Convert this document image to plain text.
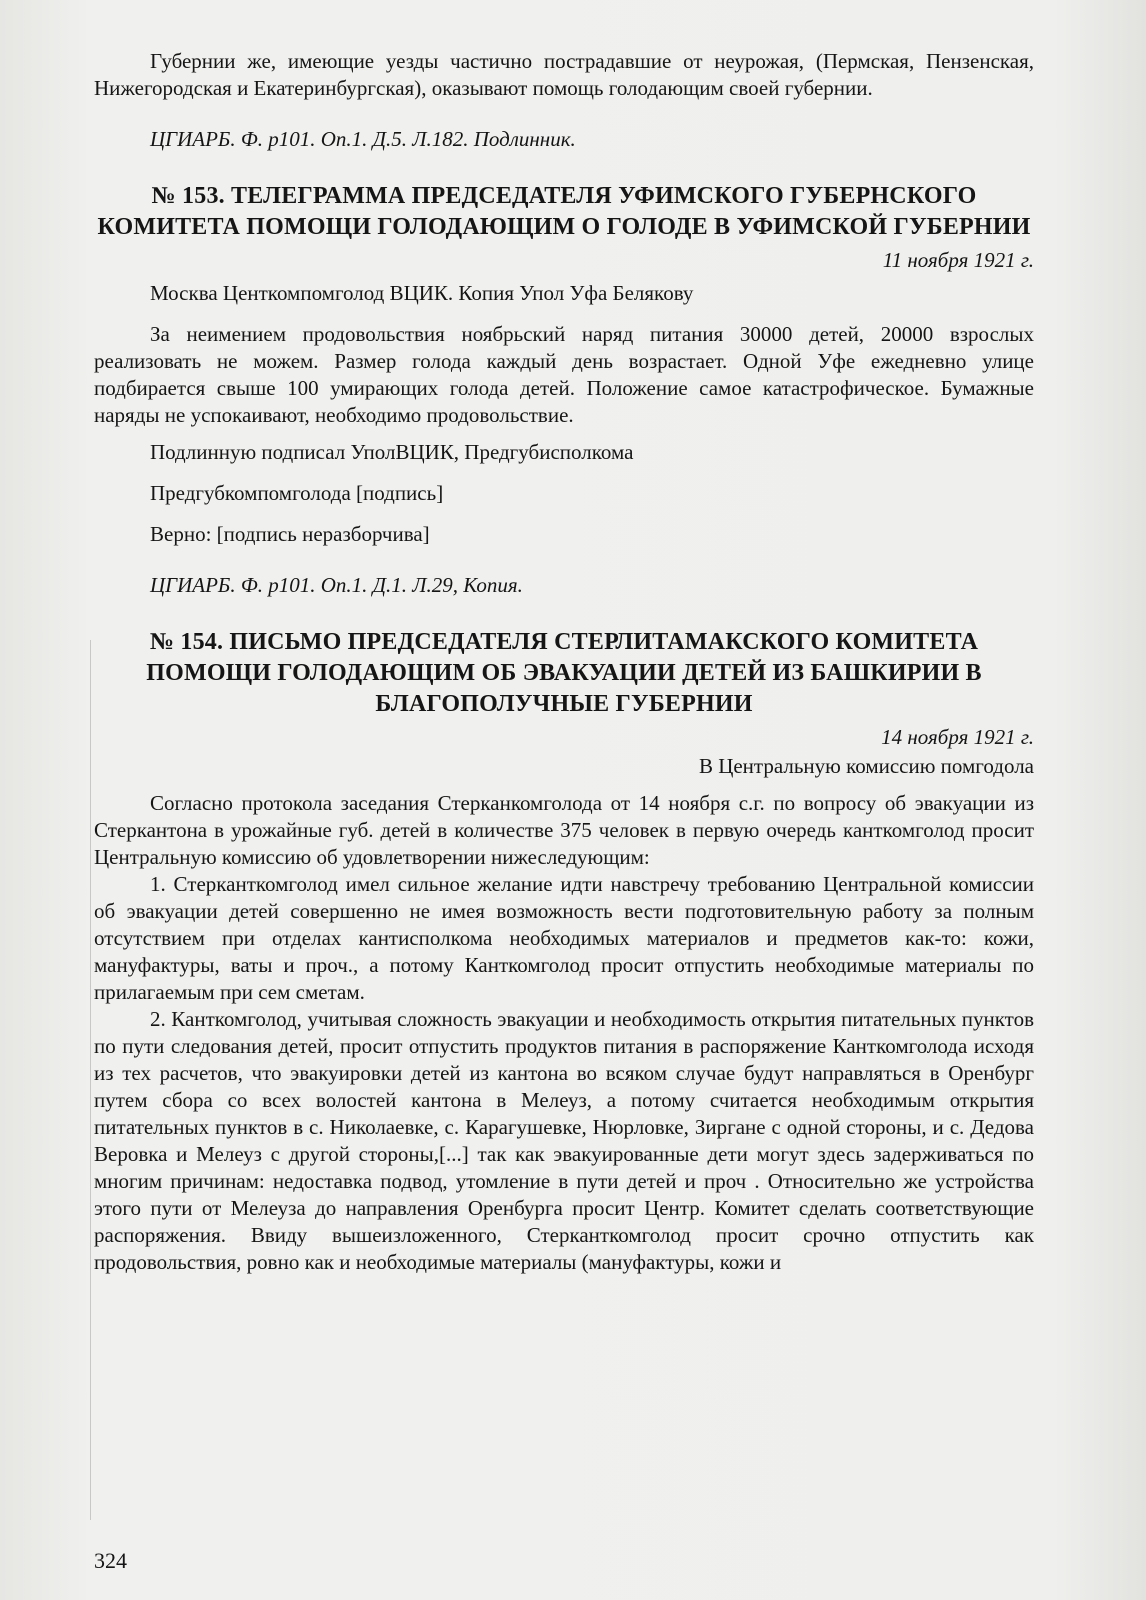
Губернии же, имеющие уезды частично пострадавшие от неурожая, (Пермская, Пензенская, Нижегородская и Екатеринбургская), оказывают помощь голодающим своей губернии.

ЦГИАРБ. Ф. р101. Оп.1. Д.5. Л.182. Подлинник.

№ 153. ТЕЛЕГРАММА ПРЕДСЕДАТЕЛЯ УФИМСКОГО ГУБЕРНСКОГО КОМИТЕТА ПОМОЩИ ГОЛОДАЮЩИМ О ГОЛОДЕ В УФИМСКОЙ ГУБЕРНИИ

11 ноября 1921 г.

Москва Центкомпомголод ВЦИК. Копия Упол Уфа Белякову

За неимением продовольствия ноябрьский наряд питания 30000 детей, 20000 взрослых реализовать не можем. Размер голода каждый день возрастает. Одной Уфе ежедневно улице подбирается свыше 100 умирающих голода детей. Положение самое катастрофическое. Бумажные наряды не успокаивают, необходимо продовольствие.

Подлинную подписал УполВЦИК, Предгубисполкома

Предгубкомпомголода [подпись]

Верно: [подпись неразборчива]

ЦГИАРБ. Ф. р101. Оп.1. Д.1. Л.29, Копия.

№ 154. ПИСЬМО ПРЕДСЕДАТЕЛЯ СТЕРЛИТАМАКСКОГО КОМИТЕТА ПОМОЩИ ГОЛОДАЮЩИМ ОБ ЭВАКУАЦИИ ДЕТЕЙ ИЗ БАШКИРИИ В БЛАГОПОЛУЧНЫЕ ГУБЕРНИИ

14 ноября 1921 г.

В Центральную комиссию помгодола

Согласно протокола заседания Стерканкомголода от 14 ноября с.г. по вопросу об эвакуации из Стеркантона в урожайные губ. детей в количестве 375 человек в первую очередь канткомголод просит Центральную комиссию об удовлетворении нижеследующим:

1. Стерканткомголод имел сильное желание идти навстречу требованию Центральной комиссии об эвакуации детей совершенно не имея возможность вести подготовительную работу за полным отсутствием при отделах кантисполкома необходимых материалов и предметов как-то: кожи, мануфактуры, ваты и проч., а потому Канткомголод просит отпустить необходимые материалы по прилагаемым при сем сметам.

2. Канткомголод, учитывая сложность эвакуации и необходимость открытия питательных пунктов по пути следования детей, просит отпустить продуктов питания в распоряжение Канткомголода исходя из тех расчетов, что эвакуировки детей из кантона во всяком случае будут направляться в Оренбург путем сбора со всех волостей кантона в Мелеуз, а потому считается необходимым открытия питательных пунктов в с. Николаевке, с. Карагушевке, Нюрловке, Зиргане с одной стороны, и с. Дедова Веровка и Мелеуз с другой стороны,[...] так как эвакуированные дети могут здесь задерживаться по многим причинам: недоставка подвод, утомление в пути детей и проч . Относительно же устройства этого пути от Мелеуза до направления Оренбурга просит Центр. Комитет сделать соответствующие распоряжения. Ввиду вышеизложенного, Стерканткомголод просит срочно отпустить как продовольствия, ровно как и необходимые материалы (мануфактуры, кожи и

324
